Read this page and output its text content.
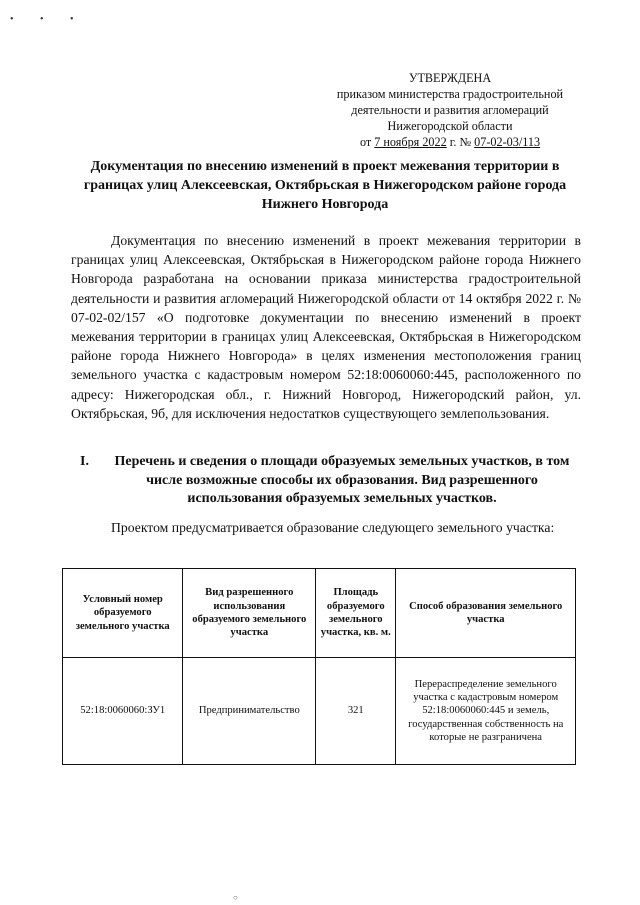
• • •
УТВЕРЖДЕНА
приказом министерства градостроительной
деятельности и развития агломераций
Нижегородской области
от 7 ноября 2022 г. № 07-02-03/113
Документация по внесению изменений в проект межевания территории в границах улиц Алексеевская, Октябрьская в Нижегородском районе города Нижнего Новгорода
Документация по внесению изменений в проект межевания территории в границах улиц Алексеевская, Октябрьская в Нижегородском районе города Нижнего Новгорода разработана на основании приказа министерства градостроительной деятельности и развития агломераций Нижегородской области от 14 октября 2022 г. № 07-02-02/157 «О подготовке документации по внесению изменений в проект межевания территории в границах улиц Алексеевская, Октябрьская в Нижегородском районе города Нижнего Новгорода» в целях изменения местоположения границ земельного участка с кадастровым номером 52:18:0060060:445, расположенного по адресу: Нижегородская обл., г. Нижний Новгород, Нижегородский район, ул. Октябрьская, 9б, для исключения недостатков существующего землепользования.
I.	Перечень и сведения о площади образуемых земельных участков, в том числе возможные способы их образования. Вид разрешенного использования образуемых земельных участков.
Проектом предусматривается образование следующего земельного участка:
Условный номер образуемого земельного участка	Вид разрешенного использования образуемого земельного участка	Площадь образуемого земельного участка, кв. м.	Способ образования земельного участка
52:18:0060060:ЗУ1	Предпринимательство	321	Перераспределение земельного участка с кадастровым номером 52:18:0060060:445 и земель, государственная собственность на которые не разграничена
○
